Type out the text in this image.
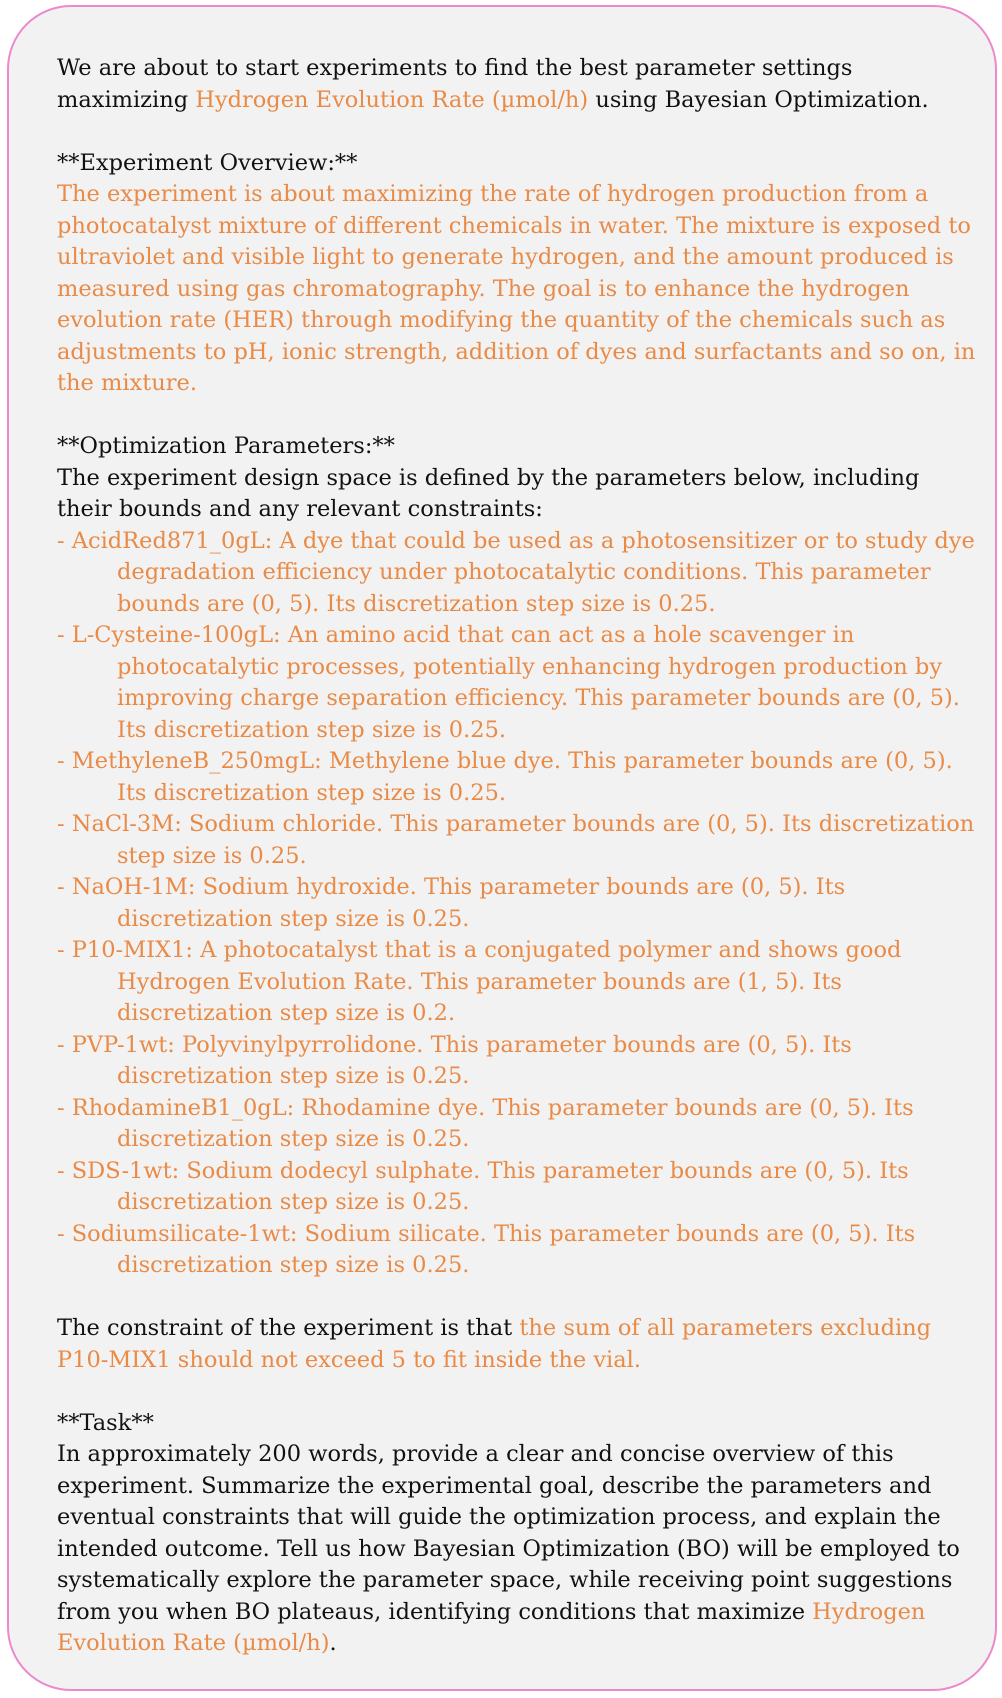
We are about to start experiments to find the best parameter settings maximizing Hydrogen Evolution Rate (µmol/h) using Bayesian Optimization.

**Experiment Overview:**

The experiment is about maximizing the rate of hydrogen production from a photocatalyst mixture of different chemicals in water. The mixture is exposed to ultraviolet and visible light to generate hydrogen, and the amount produced is measured using gas chromatography. The goal is to enhance the hydrogen evolution rate (HER) through modifying the quantity of the chemicals such as adjustments to pH, ionic strength, addition of dyes and surfactants and so on, in the mixture.

**Optimization Parameters:**

The experiment design space is defined by the parameters below, including their bounds and any relevant constraints:

- AcidRed871_0gL: A dye that could be used as a photosensitizer or to study dye degradation efficiency under photocatalytic conditions. This parameter bounds are (0, 5). Its discretization step size is 0.25.

- L-Cysteine-100gL: An amino acid that can act as a hole scavenger in photocatalytic processes, potentially enhancing hydrogen production by improving charge separation efficiency. This parameter bounds are (0, 5). Its discretization step size is 0.25.

- MethyleneB_250mgL: Methylene blue dye. This parameter bounds are (0, 5). Its discretization step size is 0.25.

- NaCl-3M: Sodium chloride. This parameter bounds are (0, 5). Its discretization step size is 0.25.

- NaOH-1M: Sodium hydroxide. This parameter bounds are (0, 5). Its discretization step size is 0.25.

- P10-MIX1: A photocatalyst that is a conjugated polymer and shows good Hydrogen Evolution Rate. This parameter bounds are (1, 5). Its discretization step size is 0.2.

- PVP-1wt: Polyvinylpyrrolidone. This parameter bounds are (0, 5). Its discretization step size is 0.25.

- RhodamineB1_0gL: Rhodamine dye. This parameter bounds are (0, 5). Its discretization step size is 0.25.

- SDS-1wt: Sodium dodecyl sulphate. This parameter bounds are (0, 5). Its discretization step size is 0.25.

- Sodiumsilicate-1wt: Sodium silicate. This parameter bounds are (0, 5). Its discretization step size is 0.25.

The constraint of the experiment is that the sum of all parameters excluding P10-MIX1 should not exceed 5 to fit inside the vial.

**Task**

In approximately 200 words, provide a clear and concise overview of this experiment. Summarize the experimental goal, describe the parameters and eventual constraints that will guide the optimization process, and explain the intended outcome. Tell us how Bayesian Optimization (BO) will be employed to systematically explore the parameter space, while receiving point suggestions from you when BO plateaus, identifying conditions that maximize Hydrogen Evolution Rate (µmol/h).
